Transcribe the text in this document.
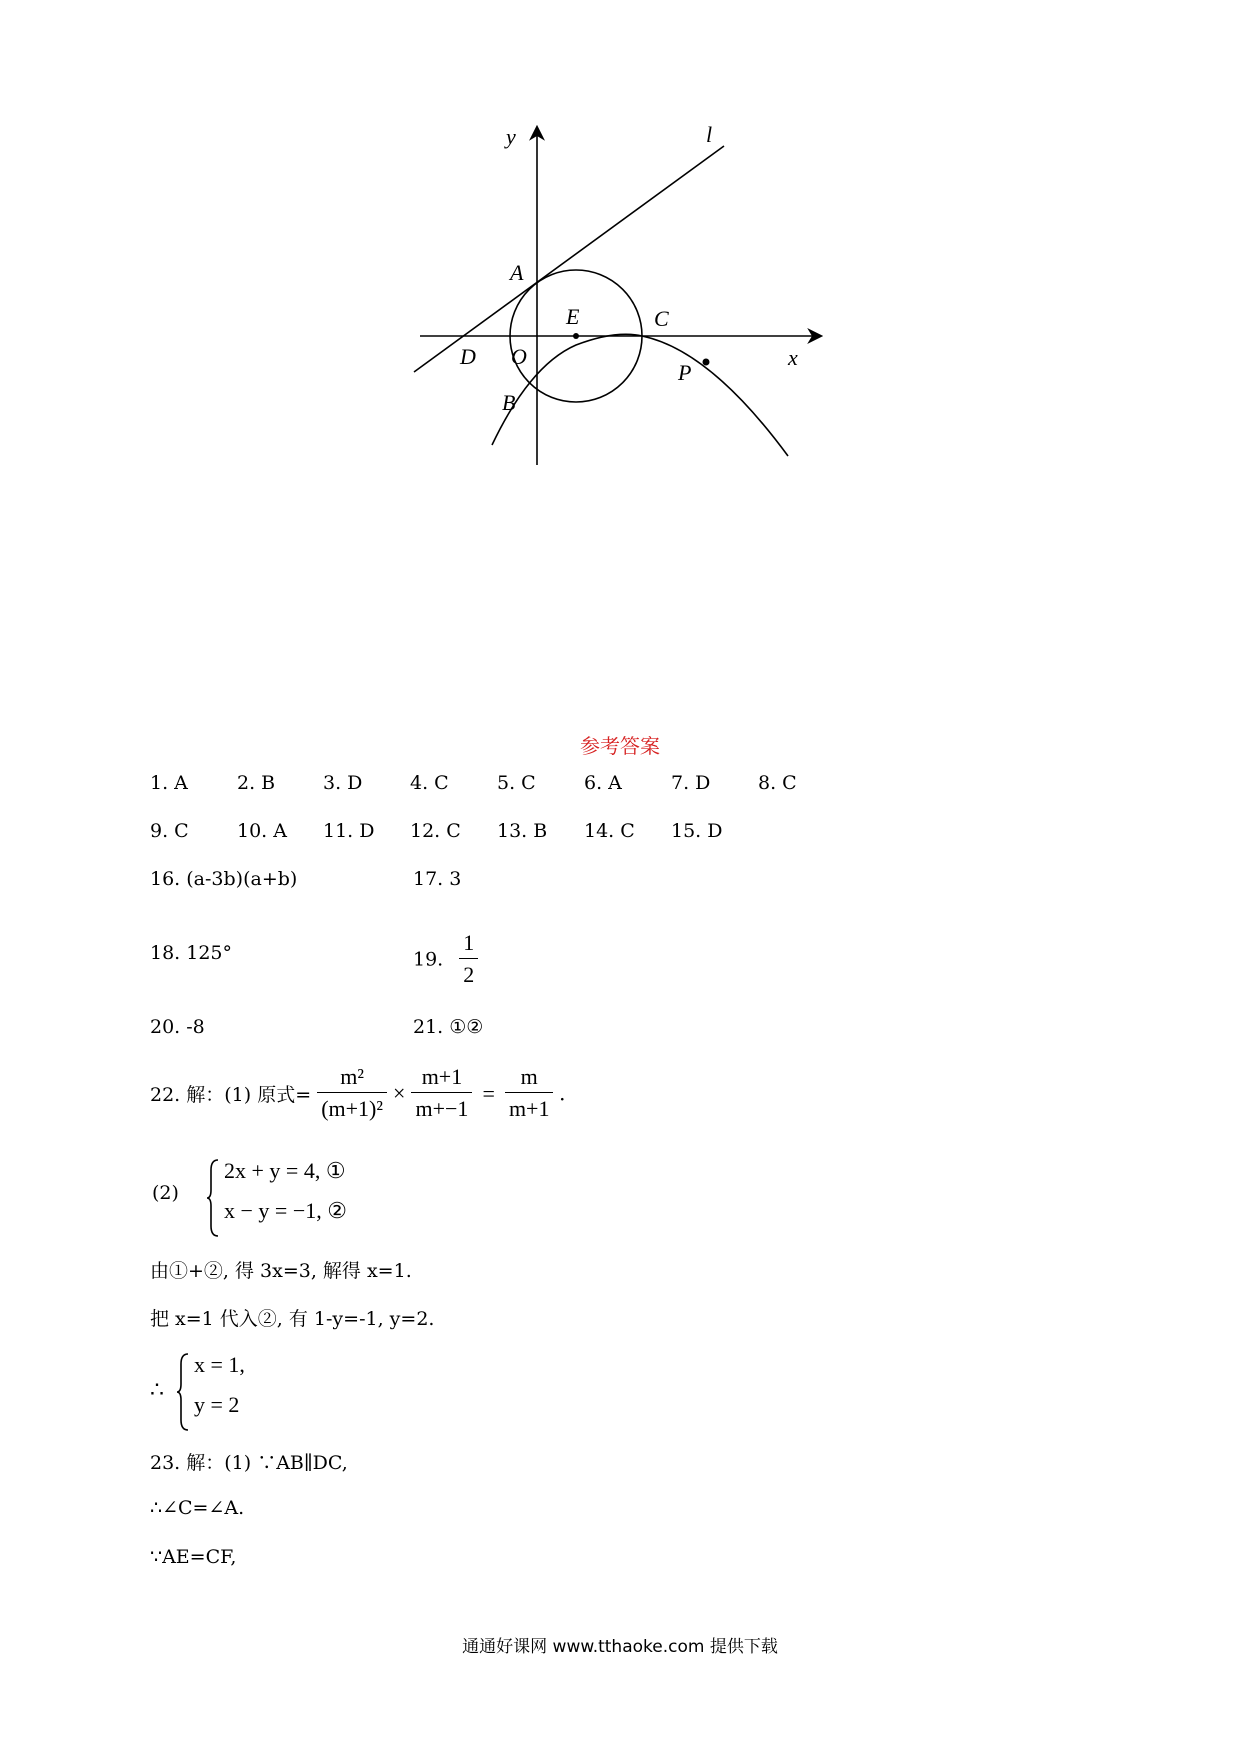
y
x
l
A
B
C
D
E
O
P
参考答案
1. A	2. B	3. D	4. C	5. C	6. A	7. D	8. C
9. C	10. A 11. D 12. C 13. B 14. C 15. D
16. (a-3b)(a+b)	17. 3
18. 125°	19. $\frac{1}{2}$
20. -8	21. ①②
22. 解：(1) 原式= $\frac{\text{m²}}{\text{(m+1)²}} \times \frac{m+1}{m+-1} = \frac{m}{m+1}$ .
(2)
2x + y = 4, ①
x − y = −1, ②
由①+②, 得 3x=3, 解得 x=1.
把 x=1 代入②, 有 1-y=-1, y=2.
∴
x = 1,
y = 2
23. 解：(1) ∵AB∥DC,
∴∠C=∠A.
∵AE=CF,
通通好课网 www.tthaoke.com 提供下载
